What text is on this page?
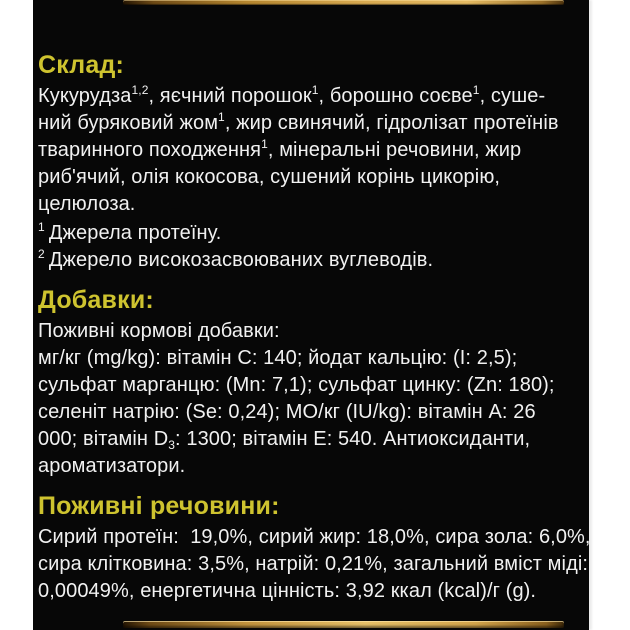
Склад:
Кукурудза$^{1,2}$, яєчний порошок$^1$, борошно соєве$^1$, суше-
ний буряковий жом$^1$, жир свинячий, гідролізат протеїнів
тваринного походження$^1$, мінеральні речовини, жир
риб'ячий, олія кокосова, сушений корінь цикорію,
целюлоза.
$^1$ Джерела протеїну.
$^2$ Джерело високозасвоюваних вуглеводів.
Добавки:
Поживні кормові добавки:
мг/кг (mg/kg): вітамін C: 140; йодат кальцію: (I: 2,5);
сульфат марганцю: (Mn: 7,1); сульфат цинку: (Zn: 180);
селеніт натрію: (Se: 0,24); МО/кг (IU/kg): вітамін A: 26
000; вітамін $D_3$: 1300; вітамін E: 540. Антиоксиданти,
ароматизатори.
Поживні речовини:
Сирий протеїн:  19,0%, сирий жир: 18,0%, сира зола: 6,0%,
сира клітковина: 3,5%, натрій: 0,21%, загальний вміст міді:
0,00049%, енергетична цінність: 3,92 ккал (kcal)/г (g).
